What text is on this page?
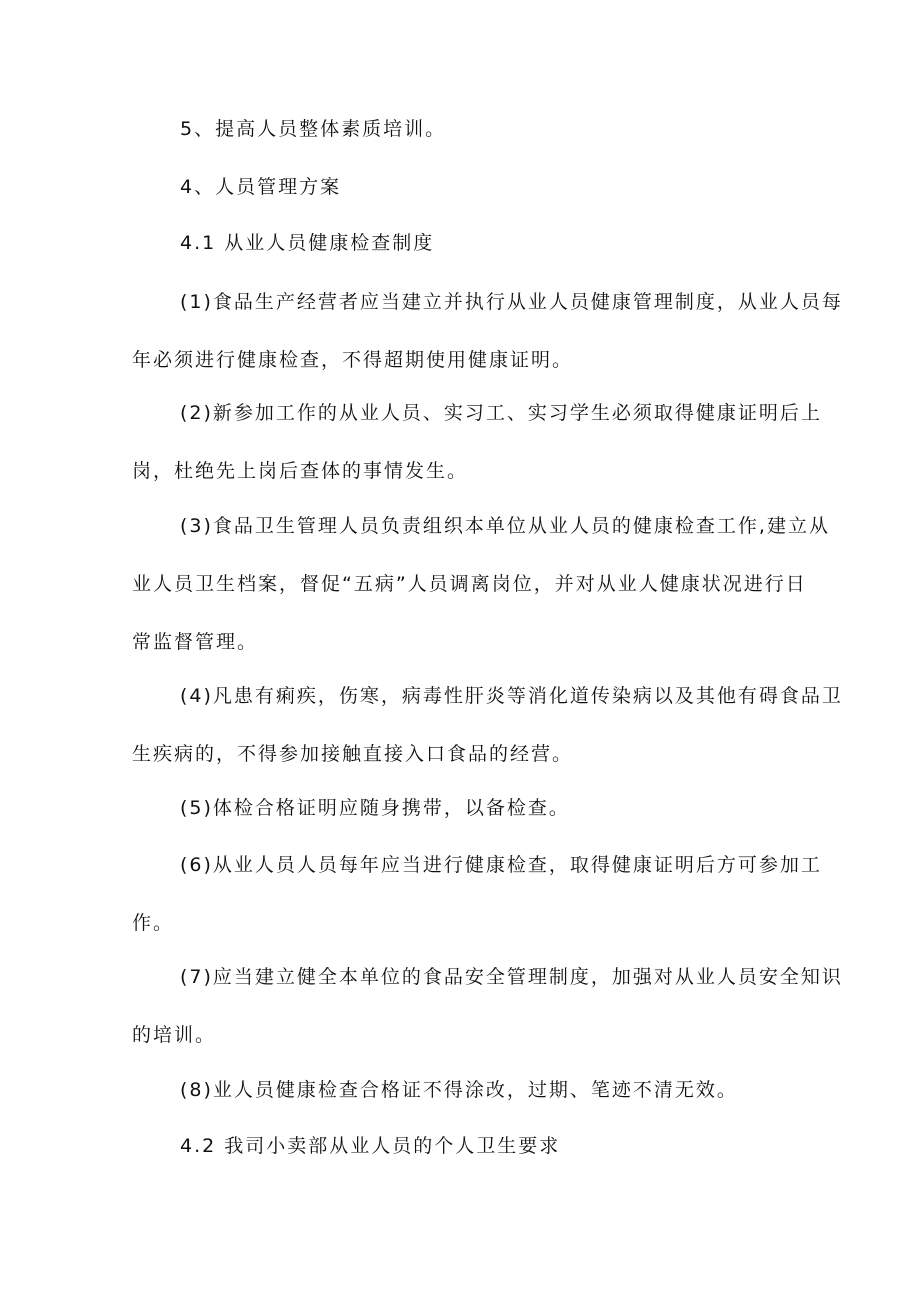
5、提高人员整体素质培训。

4、人员管理方案

4.1 从业人员健康检查制度

(1)食品生产经营者应当建立并执行从业人员健康管理制度，从业人员每
年必须进行健康检查，不得超期使用健康证明。

(2)新参加工作的从业人员、实习工、实习学生必须取得健康证明后上
岗，杜绝先上岗后查体的事情发生。

(3)食品卫生管理人员负责组织本单位从业人员的健康检查工作,建立从
业人员卫生档案，督促“五病”人员调离岗位，并对从业人健康状况进行日
常监督管理。

(4)凡患有痢疾，伤寒，病毒性肝炎等消化道传染病以及其他有碍食品卫
生疾病的，不得参加接触直接入口食品的经营。

(5)体检合格证明应随身携带，以备检查。

(6)从业人员人员每年应当进行健康检查，取得健康证明后方可参加工
作。

(7)应当建立健全本单位的食品安全管理制度，加强对从业人员安全知识
的培训。

(8)业人员健康检查合格证不得涂改，过期、笔迹不清无效。

4.2 我司小卖部从业人员的个人卫生要求
